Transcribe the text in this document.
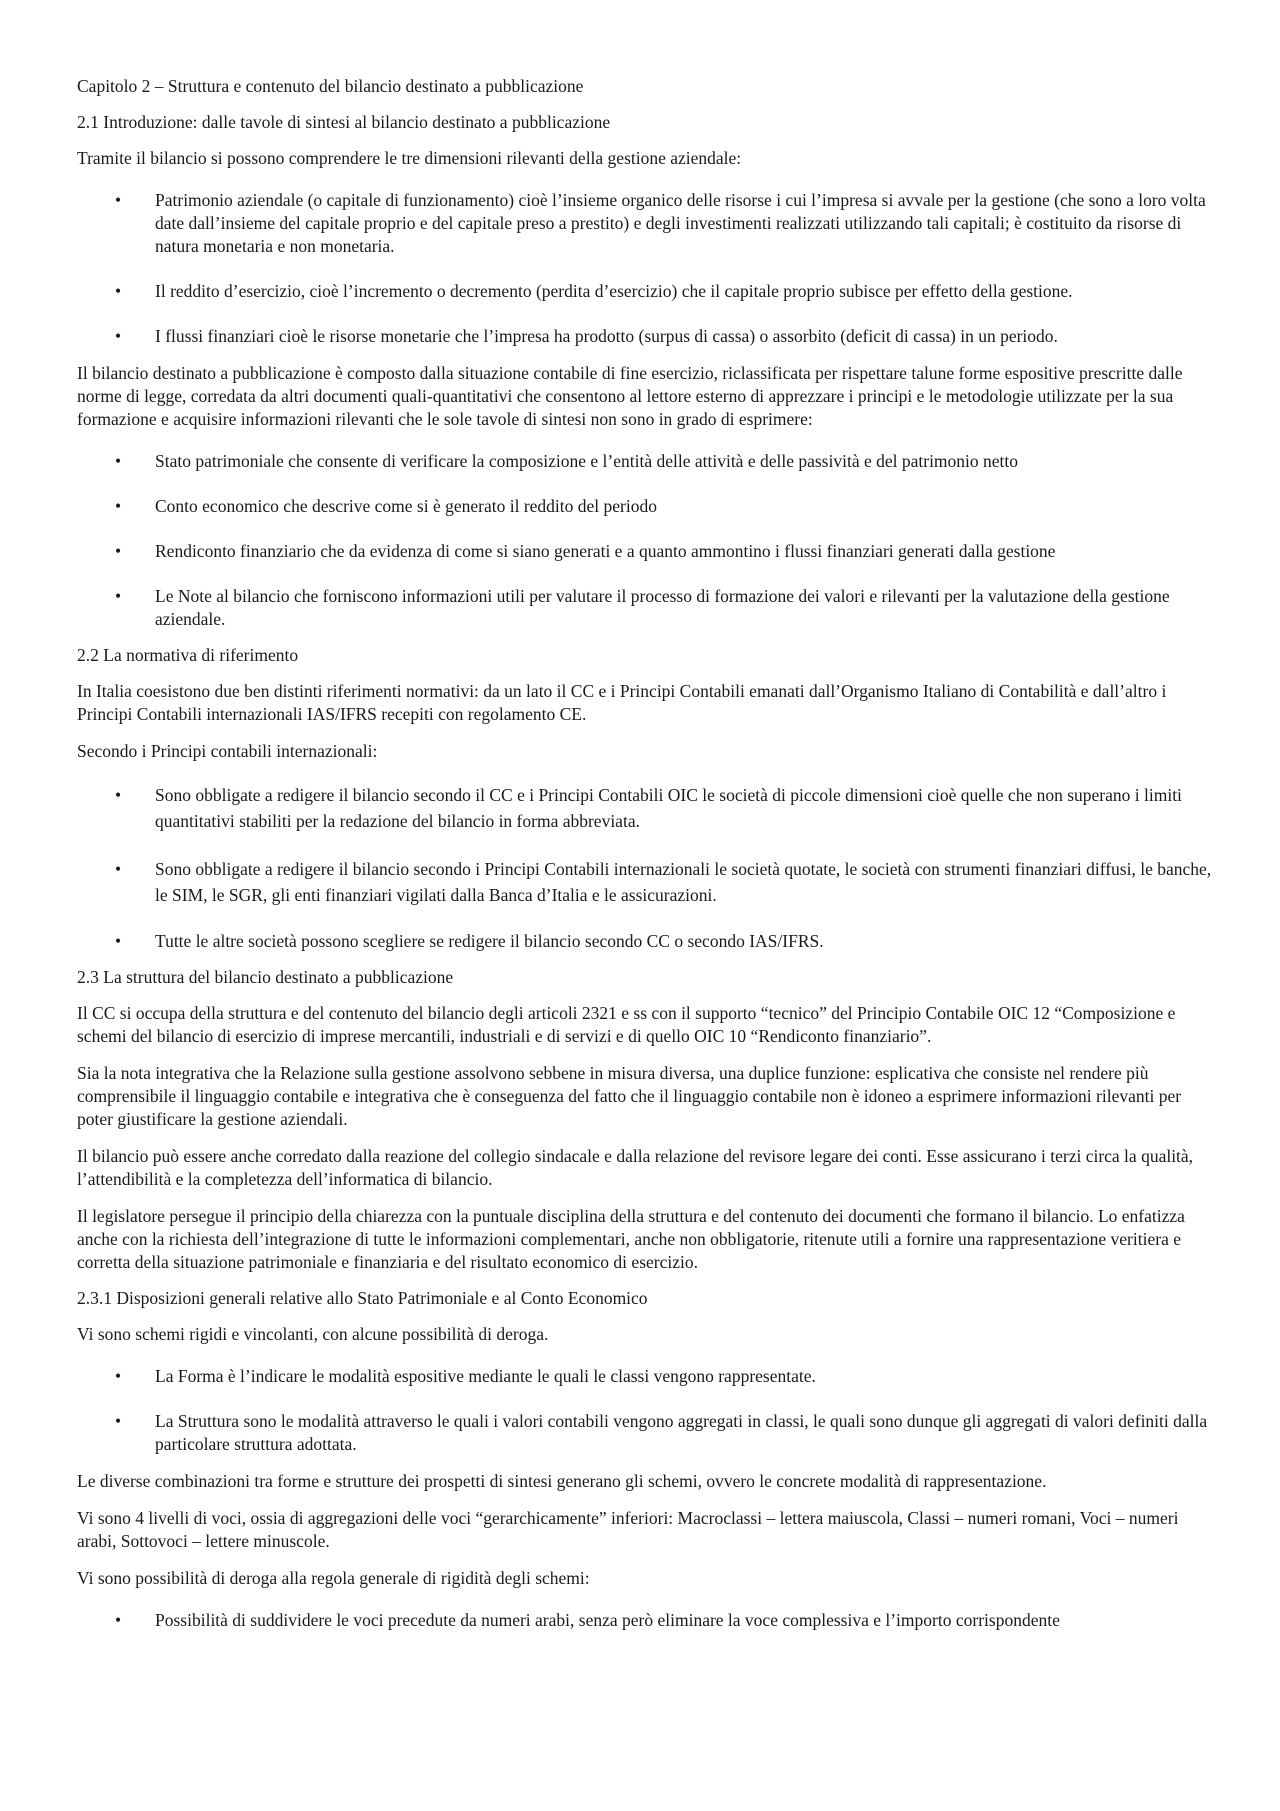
Capitolo 2 – Struttura e contenuto del bilancio destinato a pubblicazione

2.1 Introduzione: dalle tavole di sintesi al bilancio destinato a pubblicazione

Tramite il bilancio si possono comprendere le tre dimensioni rilevanti della gestione aziendale:

• Patrimonio aziendale (o capitale di funzionamento) cioè l’insieme organico delle risorse i cui l’impresa si avvale per la gestione (che sono a loro volta date dall’insieme del capitale proprio e del capitale preso a prestito) e degli investimenti realizzati utilizzando tali capitali; è costituito da risorse di natura monetaria e non monetaria.
• Il reddito d’esercizio, cioè l’incremento o decremento (perdita d’esercizio) che il capitale proprio subisce per effetto della gestione.
• I flussi finanziari cioè le risorse monetarie che l’impresa ha prodotto (surpus di cassa) o assorbito (deficit di cassa) in un periodo.

Il bilancio destinato a pubblicazione è composto dalla situazione contabile di fine esercizio, riclassificata per rispettare talune forme espositive prescritte dalle norme di legge, corredata da altri documenti quali-quantitativi che consentono al lettore esterno di apprezzare i principi e le metodologie utilizzate per la sua formazione e acquisire informazioni rilevanti che le sole tavole di sintesi non sono in grado di esprimere:

• Stato patrimoniale che consente di verificare la composizione e l’entità delle attività e delle passività e del patrimonio netto
• Conto economico che descrive come si è generato il reddito del periodo
• Rendiconto finanziario che da evidenza di come si siano generati e a quanto ammontino i flussi finanziari generati dalla gestione
• Le Note al bilancio che forniscono informazioni utili per valutare il processo di formazione dei valori e rilevanti per la valutazione della gestione aziendale.

2.2 La normativa di riferimento

In Italia coesistono due ben distinti riferimenti normativi: da un lato il CC e i Principi Contabili emanati dall’Organismo Italiano di Contabilità e dall’altro i Principi Contabili internazionali IAS/IFRS recepiti con regolamento CE.

Secondo i Principi contabili internazionali:

• Sono obbligate a redigere il bilancio secondo il CC e i Principi Contabili OIC le società di piccole dimensioni cioè quelle che non superano i limiti quantitativi stabiliti per la redazione del bilancio in forma abbreviata.
• Sono obbligate a redigere il bilancio secondo i Principi Contabili internazionali le società quotate, le società con strumenti finanziari diffusi, le banche, le SIM, le SGR, gli enti finanziari vigilati dalla Banca d’Italia e le assicurazioni.
• Tutte le altre società possono scegliere se redigere il bilancio secondo CC o secondo IAS/IFRS.

2.3 La struttura del bilancio destinato a pubblicazione

Il CC si occupa della struttura e del contenuto del bilancio degli articoli 2321 e ss con il supporto “tecnico” del Principio Contabile OIC 12 “Composizione e schemi del bilancio di esercizio di imprese mercantili, industriali e di servizi e di quello OIC 10 “Rendiconto finanziario”.

Sia la nota integrativa che la Relazione sulla gestione assolvono sebbene in misura diversa, una duplice funzione: esplicativa che consiste nel rendere più comprensibile il linguaggio contabile e integrativa che è conseguenza del fatto che il linguaggio contabile non è idoneo a esprimere informazioni rilevanti per poter giustificare la gestione aziendali.

Il bilancio può essere anche corredato dalla reazione del collegio sindacale e dalla relazione del revisore legare dei conti. Esse assicurano i terzi circa la qualità, l’attendibilità e la completezza dell’informatica di bilancio.

Il legislatore persegue il principio della chiarezza con la puntuale disciplina della struttura e del contenuto dei documenti che formano il bilancio. Lo enfatizza anche con la richiesta dell’integrazione di tutte le informazioni complementari, anche non obbligatorie, ritenute utili a fornire una rappresentazione veritiera e corretta della situazione patrimoniale e finanziaria e del risultato economico di esercizio.

2.3.1 Disposizioni generali relative allo Stato Patrimoniale e al Conto Economico

Vi sono schemi rigidi e vincolanti, con alcune possibilità di deroga.

• La Forma è l’indicare le modalità espositive mediante le quali le classi vengono rappresentate.
• La Struttura sono le modalità attraverso le quali i valori contabili vengono aggregati in classi, le quali sono dunque gli aggregati di valori definiti dalla particolare struttura adottata.

Le diverse combinazioni tra forme e strutture dei prospetti di sintesi generano gli schemi, ovvero le concrete modalità di rappresentazione.

Vi sono 4 livelli di voci, ossia di aggregazioni delle voci “gerarchicamente” inferiori: Macroclassi – lettera maiuscola, Classi – numeri romani, Voci – numeri arabi, Sottovoci – lettere minuscole.

Vi sono possibilità di deroga alla regola generale di rigidità degli schemi:

• Possibilità di suddividere le voci precedute da numeri arabi, senza però eliminare la voce complessiva e l’importo corrispondente
